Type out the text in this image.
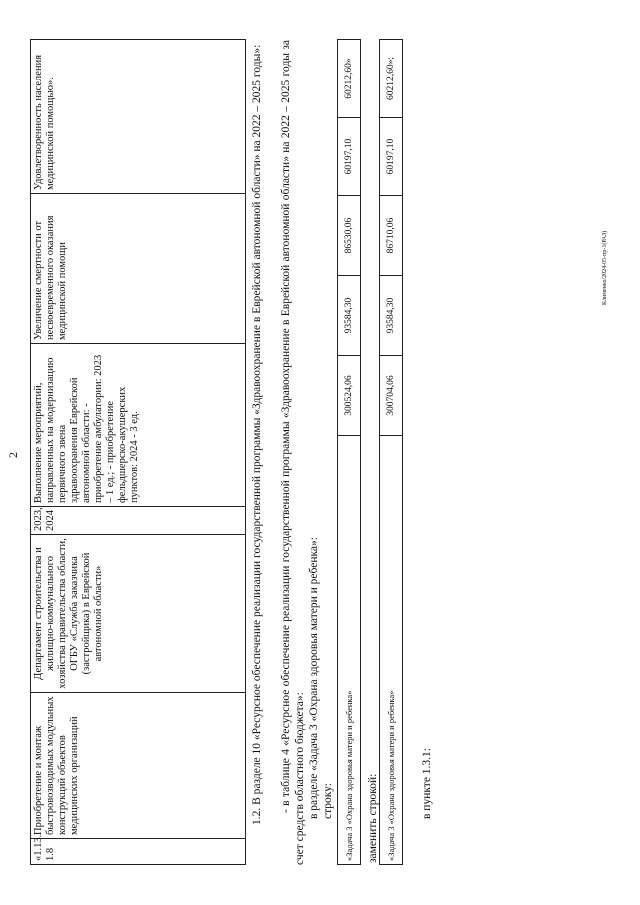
2
«1.13. 1.8	Приобретение и монтаж быстровозводимых модульных конструкций объектов медицинских организаций	Департамент строительства и жилищно-коммунального хозяйства правительства области, ОГБУ «Служба заказчика (застройщика) в Еврейской автономной области»	2023, 2024	Выполнение мероприятий, направленных на модернизацию первичного звена здравоохранения Еврейской автономной области: - приобретение амбулатории: 2023 – 1 ед.; - приобретение фельдшерско-акушерских пунктов: 2024 - 3 ед.	Увеличение смертности от несвоевременного оказания медицинской помощи	Удовлетворенность населения медицинской помощью».	1.2. В разделе 10 «Ресурсное обеспечение реализации государственной программы «Здравоохранение в Еврейской автономной области» на 2022 – 2025 годы»: - в таблице 4 «Ресурсное обеспечение реализации государственной программы «Здравоохранение в Еврейской автономной области» на 2022 – 2025 годы за счет средств областного бюджета»: в разделе «Задача 3 «Охрана здоровья матери и ребенка»: строку: «Задача 3 «Охрана здоровья матери и ребенка»	300524,06	93584,30	86530,06	60197,10	60212,60»
заменить строкой: «Задача 3 «Охрана здоровья матери и ребенка»	300704,06	93584,30	86710,06	60197,10	60212,60»;
в пункте 1.3.1:
Клименко/2024-05-пр-1(РАЗ)
